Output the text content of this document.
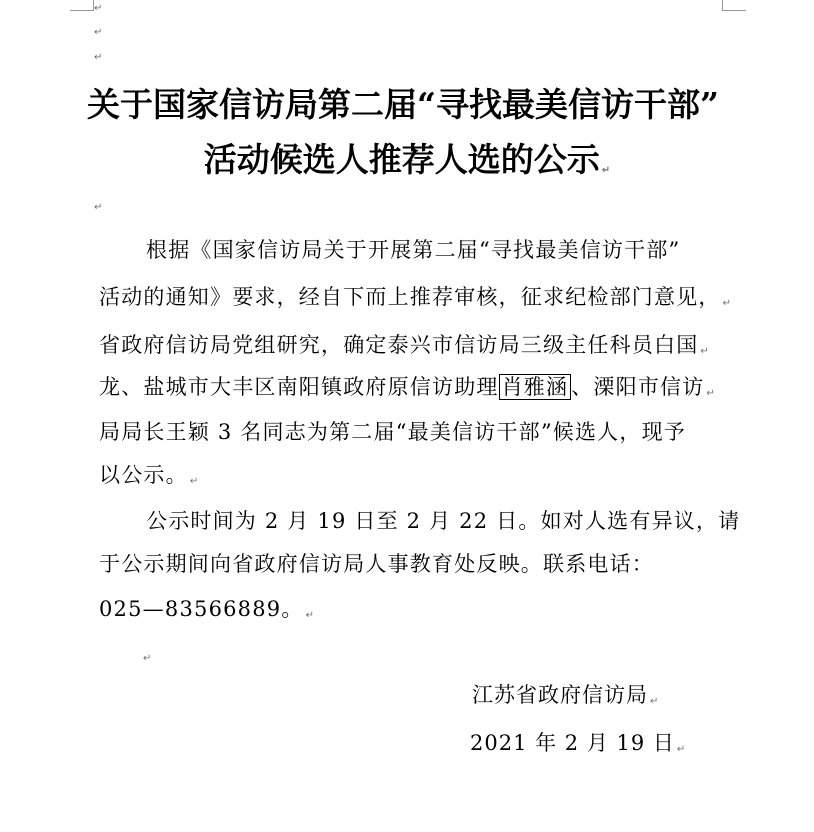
↵
↵
↵
关于国家信访局第二届“寻找最美信访干部”
活动候选人推荐人选的公示 ↵
↵
根据《国家信访局关于开展第二届“寻找最美信访干部”
活动的通知》要求，经自下而上推荐审核，征求纪检部门意见， ↵
省政府信访局党组研究，确定泰兴市信访局三级主任科员白国 ↵
龙、盐城市大丰区南阳镇政府原信访助理 肖雅涵 、溧阳市信访 ↵
局局长王颖 3 名同志为第二届“最美信访干部”候选人，现予
以公示。 ↵
公示时间为 2 月 19 日至 2 月 22 日。如对人选有异议，请
于公示期间向省政府信访局人事教育处反映。联系电话：
025—83566889。 ↵
↵
江苏省政府信访局 ↵
2021 年 2 月 19 日 ↵
